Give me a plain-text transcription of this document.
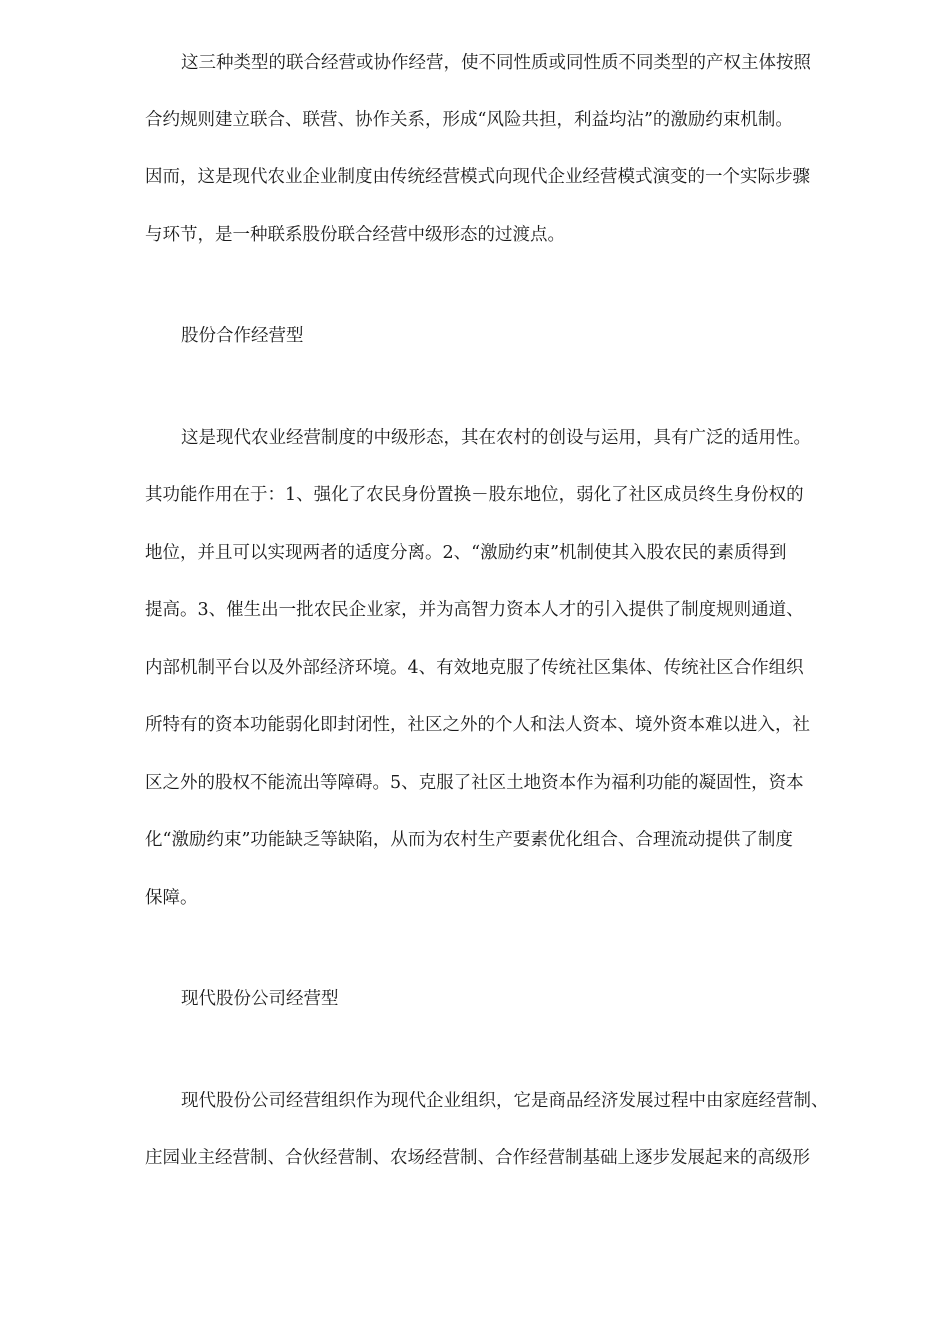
这三种类型的联合经营或协作经营，使不同性质或同性质不同类型的产权主体按照
合约规则建立联合、联营、协作关系，形成“风险共担，利益均沾”的激励约束机制。
因而，这是现代农业企业制度由传统经营模式向现代企业经营模式演变的一个实际步骤
与环节，是一种联系股份联合经营中级形态的过渡点。
股份合作经营型
这是现代农业经营制度的中级形态，其在农村的创设与运用，具有广泛的适用性。
其功能作用在于：1、强化了农民身份置换－股东地位，弱化了社区成员终生身份权的
地位，并且可以实现两者的适度分离。2、“激励约束”机制使其入股农民的素质得到
提高。3、催生出一批农民企业家，并为高智力资本人才的引入提供了制度规则通道、
内部机制平台以及外部经济环境。4、有效地克服了传统社区集体、传统社区合作组织
所特有的资本功能弱化即封闭性，社区之外的个人和法人资本、境外资本难以进入，社
区之外的股权不能流出等障碍。5、克服了社区土地资本作为福利功能的凝固性，资本
化“激励约束”功能缺乏等缺陷，从而为农村生产要素优化组合、合理流动提供了制度
保障。
现代股份公司经营型
现代股份公司经营组织作为现代企业组织，它是商品经济发展过程中由家庭经营制、
庄园业主经营制、合伙经营制、农场经营制、合作经营制基础上逐步发展起来的高级形
